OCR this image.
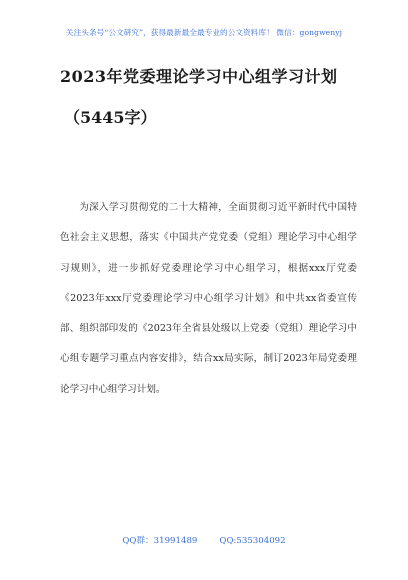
关注头条号“公文研究”，获得最新最全最专业的公文资料库！ 微信：gongwenyj
2023年党委理论学习中心组学习计划
（5445字）

为深入学习贯彻党的二十大精神，全面贯彻习近平新时代中国特色社会主义思想，落实《中国共产党党委（党组）理论学习中心组学习规则》，进一步抓好党委理论学习中心组学习，根据xxx厅党委《2023年xxx厅党委理论学习中心组学习计划》和中共xx省委宣传部、组织部印发的《2023年全省县处级以上党委（党组）理论学习中心组专题学习重点内容安排》，结合xx局实际，制订2023年局党委理论学习中心组学习计划。

QQ群：31991489	QQ:535304092
